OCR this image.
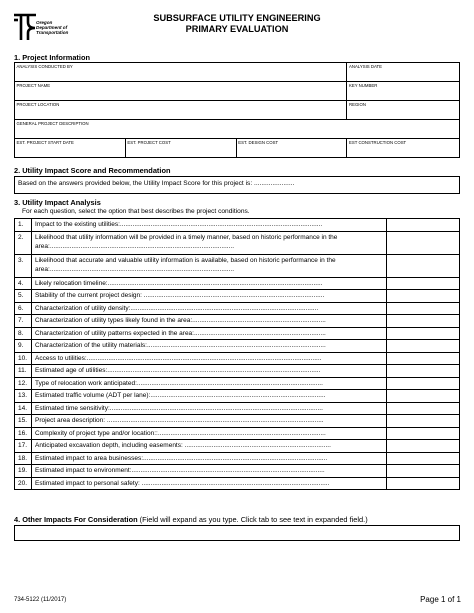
Oregon
Department of
Transportation
SUBSURFACE UTILITY ENGINEERING
PRIMARY EVALUATION
1. Project Information
ANALYSIS CONDUCTED BY			ANALYSIS DATE
PROJECT NAME			KEY NUMBER
PROJECT LOCATION			REGION
GENERAL PROJECT DESCRIPTION			
EST. PROJECT START DATE	EST. PROJECT COST	EST. DESIGN COST	EST CONSTRUCTION COST
2. Utility Impact Score and Recommendation
Based on the answers provided below, the Utility Impact Score for this project is: ......................
3. Utility Impact Analysis
For each question, select the option that best describes the project conditions.
1.	Impact to the existing utilities:................................................................................................................	
2.	Likelihood that utility information will be provided in a timely manner, based on historic performance in the area:......................................................................................................	
3.	Likelihood that accurate and valuable utility information is available, based on historic performance in the area:......................................................................................................	
4.	Likely relocation timeline:.......................................................................................................................	
5.	Stability of the current project design: ....................................................................................................	
6.	Characterization of utility density:........................................................................................................	
7.	Characterization of utility types likely found in the area:..........................................................................	
8.	Characterization of utility patterns expected in the area:.........................................................................	
9.	Characterization of the utility materials:...................................................................................................	
10.	Access to utilities:..................................................................................................................................	
11.	Estimated age of utilities:......................................................................................................................	
12.	Type of relocation work anticipated:.......................................................................................................	
13.	Estimated traffic volume (ADT per lane):.................................................................................................	
14.	Estimated time sensitivity:......................................................................................................................	
15.	Project area description: ........................................................................................................................	
16.	Complexity of project type and/or location::.............................................................................................	
17.	Anticipated excavation depth, including easements: .................................................................................	
18.	Estimated impact to area businesses:......................................................................................................	
19.	Estimated impact to environment:...........................................................................................................	
20.	Estimated impact to personal safety: ........................................................................................................	
4. Other Impacts For Consideration (Field will expand as you type. Click tab to see text in expanded field.)
734-5122 (11/2017)	Page 1 of 1
